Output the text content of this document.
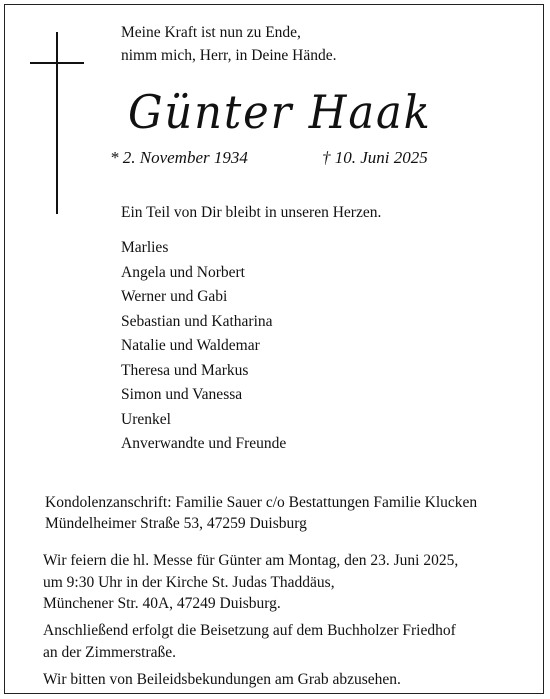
Meine Kraft ist nun zu Ende,
nimm mich, Herr, in Deine Hände.
Günter Haak
* 2. November 1934	† 10. Juni 2025
Ein Teil von Dir bleibt in unseren Herzen.
Marlies
Angela und Norbert
Werner und Gabi
Sebastian und Katharina
Natalie und Waldemar
Theresa und Markus
Simon und Vanessa
Urenkel
Anverwandte und Freunde
Kondolenzanschrift: Familie Sauer c/o Bestattungen Familie Klucken
Mündelheimer Straße 53, 47259 Duisburg
Wir feiern die hl. Messe für Günter am Montag, den 23. Juni 2025,
um 9:30 Uhr in der Kirche St. Judas Thaddäus,
Münchener Str. 40A, 47249 Duisburg.
Anschließend erfolgt die Beisetzung auf dem Buchholzer Friedhof
an der Zimmerstraße.
Wir bitten von Beileidsbekundungen am Grab abzusehen.
